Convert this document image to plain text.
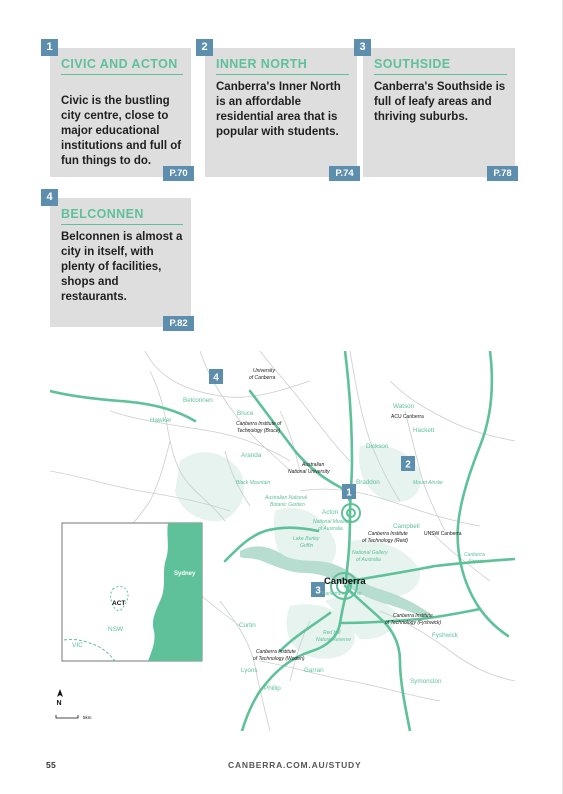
1
CIVIC AND ACTON
Civic is the bustling city centre, close to major educational institutions and full of fun things to do.
P.70
2
INNER NORTH
Canberra's Inner North is an affordable residential area that is popular with students.
P.74
3
SOUTHSIDE
Canberra's Southside is full of leafy areas and thriving suburbs.
P.78
4
BELCONNEN
Belconnen is almost a city in itself, with plenty of facilities, shops and restaurants.
P.82
1
2
3
4
Watson
Hackett
Dickson
Braddon
Acton
Campbell
Belconnen
Bruce
Aranda
Hawker
Curtin
Lyons
Phillip
Garran
Fyshwick
Symonston
Canberra
University
of Canberra
Canberra Institute of
Technology (Bruce)
Australian
National University
ACU Canberra
Canberra Institute
of Technology (Reid)
UNSW Canberra
Canberra Institute
of Technology (Fyshwick)
Canberra Institute
of Technology (Woden)
Black Mountain
Australian National
Botanic Garden
National Museum
of Australia
Lake Burley
Griffin
National Gallery
of Australia
Parliament House
Red Hill
Nature Reserve
Mount Ainslie
Canberra
Airport
Sydney
ACT
NSW
VIC
N
5km
55	CANBERRA.COM.AU/STUDY
